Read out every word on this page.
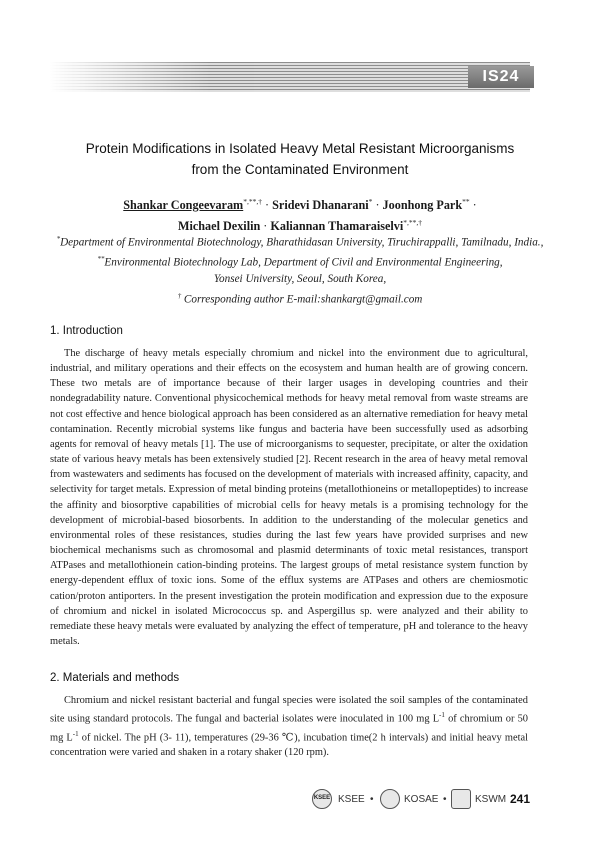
IS24
Protein Modifications in Isolated Heavy Metal Resistant Microorganisms
from the Contaminated Environment
Shankar Congeevaram*,**,† · Sridevi Dhanarani* · Joonhong Park** ·
Michael Dexilin · Kaliannan Thamaraiselvi*,**,†
*Department of Environmental Biotechnology, Bharathidasan University, Tiruchirappalli, Tamilnadu, India.,
**Environmental Biotechnology Lab, Department of Civil and Environmental Engineering,
Yonsei University, Seoul, South Korea,
† Corresponding author E-mail:shankargt@gmail.com
1. Introduction

The discharge of heavy metals especially chromium and nickel into the environment due to agricultural, industrial, and military operations and their effects on the ecosystem and human health are of growing concern. These two metals are of importance because of their larger usages in developing countries and their nondegradability nature. Conventional physicochemical methods for heavy metal removal from waste streams are not cost effective and hence biological approach has been considered as an alternative remediation for heavy metal contamination. Recently microbial systems like fungus and bacteria have been successfully used as adsorbing agents for removal of heavy metals [1]. The use of microorganisms to sequester, precipitate, or alter the oxidation state of various heavy metals has been extensively studied [2]. Recent research in the area of heavy metal removal from wastewaters and sediments has focused on the development of materials with increased affinity, capacity, and selectivity for target metals. Expression of metal binding proteins (metallothioneins or metallopeptides) to increase the affinity and biosorptive capabilities of microbial cells for heavy metals is a promising technology for the development of microbial-based biosorbents. In addition to the understanding of the molecular genetics and environmental roles of these resistances, studies during the last few years have provided surprises and new biochemical mechanisms such as chromosomal and plasmid determinants of toxic metal resistances, transport ATPases and metallothionein cation-binding proteins. The largest groups of metal resistance system function by energy-dependent efflux of toxic ions. Some of the efflux systems are ATPases and others are chemiosmotic cation/proton antiporters. In the present investigation the protein modification and expression due to the exposure of chromium and nickel in isolated Micrococcus sp. and Aspergillus sp. were analyzed and their ability to remediate these heavy metals were evaluated by analyzing the effect of temperature, pH and tolerance to the heavy metals.

2. Materials and methods

Chromium and nickel resistant bacterial and fungal species were isolated the soil samples of the contaminated site using standard protocols. The fungal and bacterial isolates were inoculated in 100 mg $L^{-1}$ of chromium or 50 mg $L^{-1}$ of nickel. The pH (3- 11), temperatures (29-36 ℃), incubation time(2 h intervals) and initial heavy metal concentration were varied and shaken in a rotary shaker (120 rpm).

KSEE KSEE •	KOSAE •	KSWM 241
